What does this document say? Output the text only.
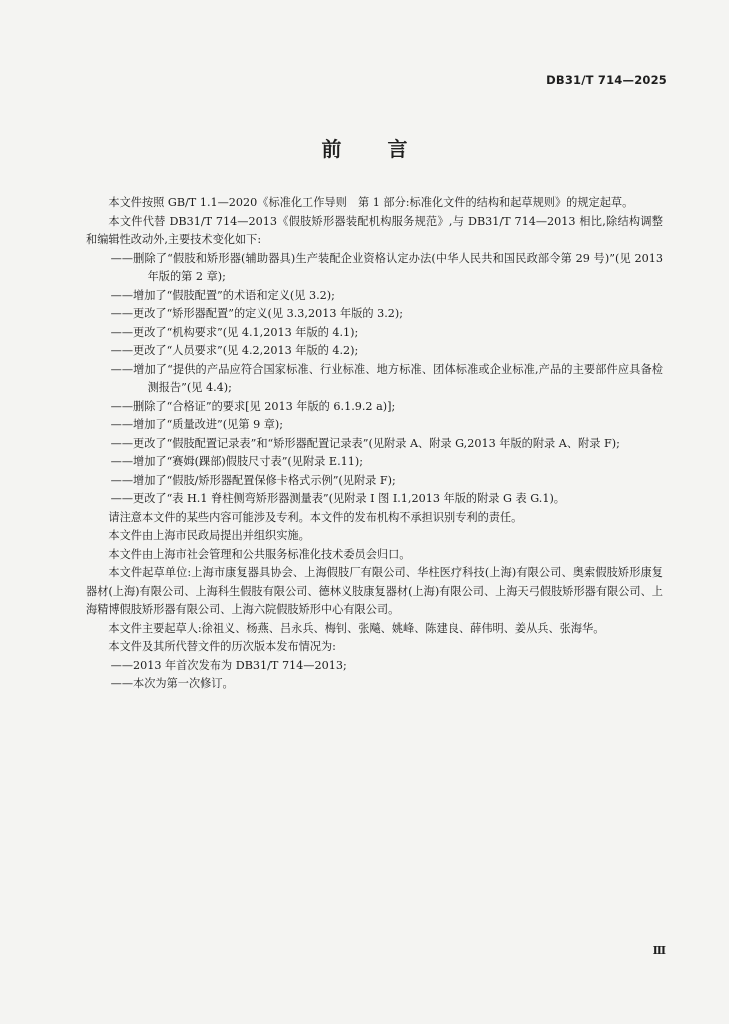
DB31/T 714—2025
前 言

本文件按照 GB/T 1.1—2020《标准化工作导则　第 1 部分:标准化文件的结构和起草规则》的规定起草。

本文件代替 DB31/T 714—2013《假肢矫形器装配机构服务规范》,与 DB31/T 714—2013 相比,除结构调整和编辑性改动外,主要技术变化如下:

——删除了“假肢和矫形器(辅助器具)生产装配企业资格认定办法(中华人民共和国民政部令第 29 号)”(见 2013 年版的第 2 章);

——增加了“假肢配置”的术语和定义(见 3.2);

——更改了“矫形器配置”的定义(见 3.3,2013 年版的 3.2);

——更改了“机构要求”(见 4.1,2013 年版的 4.1);

——更改了“人员要求”(见 4.2,2013 年版的 4.2);

——增加了“提供的产品应符合国家标准、行业标准、地方标准、团体标准或企业标准,产品的主要部件应具备检测报告”(见 4.4);

——删除了“合格证”的要求[见 2013 年版的 6.1.9.2 a)];

——增加了“质量改进”(见第 9 章);

——更改了“假肢配置记录表”和“矫形器配置记录表”(见附录 A、附录 G,2013 年版的附录 A、附录 F);

——增加了“赛姆(踝部)假肢尺寸表”(见附录 E.11);

——增加了“假肢/矫形器配置保修卡格式示例”(见附录 F);

——更改了“表 H.1 脊柱侧弯矫形器测量表”(见附录 I 图 I.1,2013 年版的附录 G 表 G.1)。

请注意本文件的某些内容可能涉及专利。本文件的发布机构不承担识别专利的责任。

本文件由上海市民政局提出并组织实施。

本文件由上海市社会管理和公共服务标准化技术委员会归口。

本文件起草单位:上海市康复器具协会、上海假肢厂有限公司、华柱医疗科技(上海)有限公司、奥索假肢矫形康复器材(上海)有限公司、上海科生假肢有限公司、德林义肢康复器材(上海)有限公司、上海天弓假肢矫形器有限公司、上海精博假肢矫形器有限公司、上海六院假肢矫形中心有限公司。

本文件主要起草人:徐祖义、杨燕、吕永兵、梅钊、张飚、姚峰、陈建良、薛伟明、姜从兵、张海华。

本文件及其所代替文件的历次版本发布情况为:

——2013 年首次发布为 DB31/T 714—2013;

——本次为第一次修订。

Ⅲ
